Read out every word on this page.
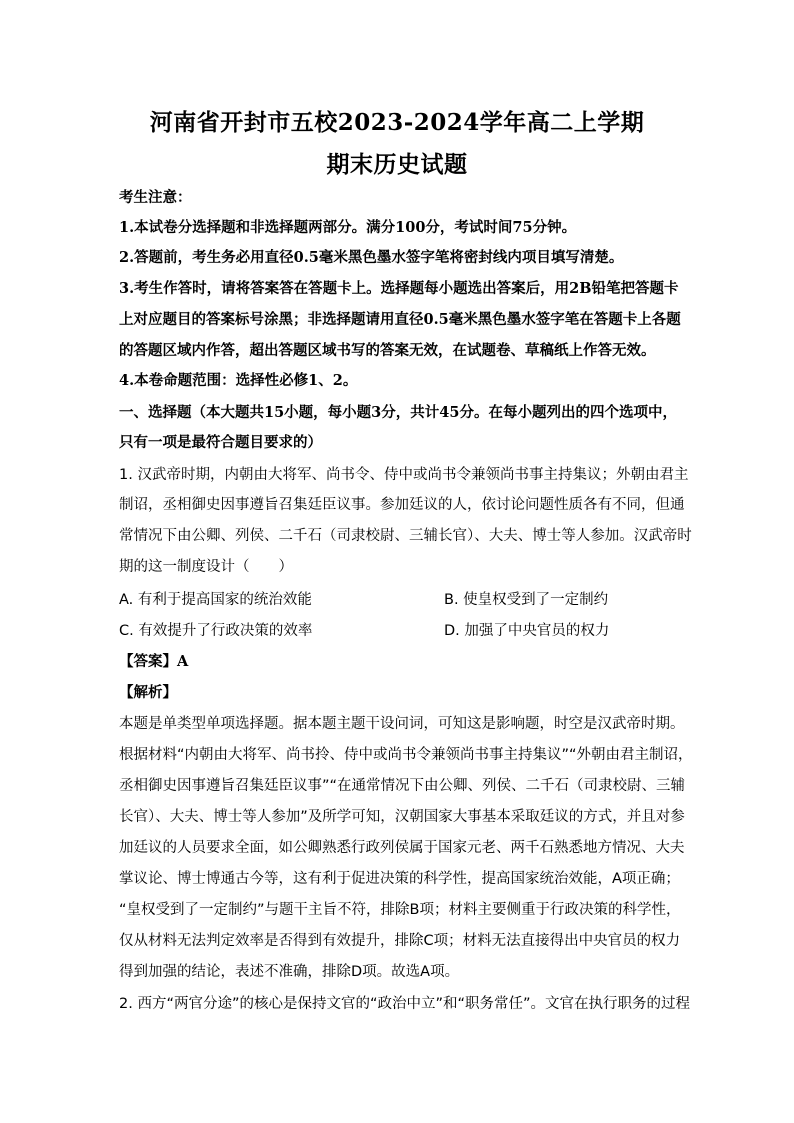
河南省开封市五校2023-2024学年高二上学期
期末历史试题
考生注意：
1.本试卷分选择题和非选择题两部分。满分100分，考试时间75分钟。
2.答题前，考生务必用直径0.5毫米黑色墨水签字笔将密封线内项目填写清楚。
3.考生作答时，请将答案答在答题卡上。选择题每小题选出答案后，用2B铅笔把答题卡
上对应题目的答案标号涂黑；非选择题请用直径0.5毫米黑色墨水签字笔在答题卡上各题
的答题区域内作答，超出答题区域书写的答案无效，在试题卷、草稿纸上作答无效。
4.本卷命题范围：选择性必修1、2。
一、选择题（本大题共15小题，每小题3分，共计45分。在每小题列出的四个选项中，
只有一项是最符合题目要求的）
1. 汉武帝时期，内朝由大将军、尚书令、侍中或尚书令兼领尚书事主持集议；外朝由君主
制诏，丞相御史因事遵旨召集廷臣议事。参加廷议的人，依讨论问题性质各有不同，但通
常情况下由公卿、列侯、二千石（司隶校尉、三辅长官）、大夫、博士等人参加。汉武帝时
期的这一制度设计（　　）
A. 有利于提高国家的统治效能	B. 使皇权受到了一定制约
C. 有效提升了行政决策的效率	D. 加强了中央官员的权力
【答案】A
【解析】
本题是单类型单项选择题。据本题主题干设问词，可知这是影响题，时空是汉武帝时期。
根据材料“内朝由大将军、尚书拎、侍中或尚书令兼领尚书事主持集议”“外朝由君主制诏，
丞相御史因事遵旨召集廷臣议事”“在通常情况下由公卿、列侯、二千石（司隶校尉、三辅
长官）、大夫、博士等人参加”及所学可知，汉朝国家大事基本采取廷议的方式，并且对参
加廷议的人员要求全面，如公卿熟悉行政列侯属于国家元老、两千石熟悉地方情况、大夫
掌议论、博士博通古今等，这有利于促进决策的科学性，提高国家统治效能，A项正确；
“皇权受到了一定制约”与题干主旨不符，排除B项；材料主要侧重于行政决策的科学性，
仅从材料无法判定效率是否得到有效提升，排除C项；材料无法直接得出中央官员的权力
得到加强的结论，表述不准确，排除D项。故选A项。
2. 西方“两官分途”的核心是保持文官的“政治中立”和“职务常任”。文官在执行职务的过程
